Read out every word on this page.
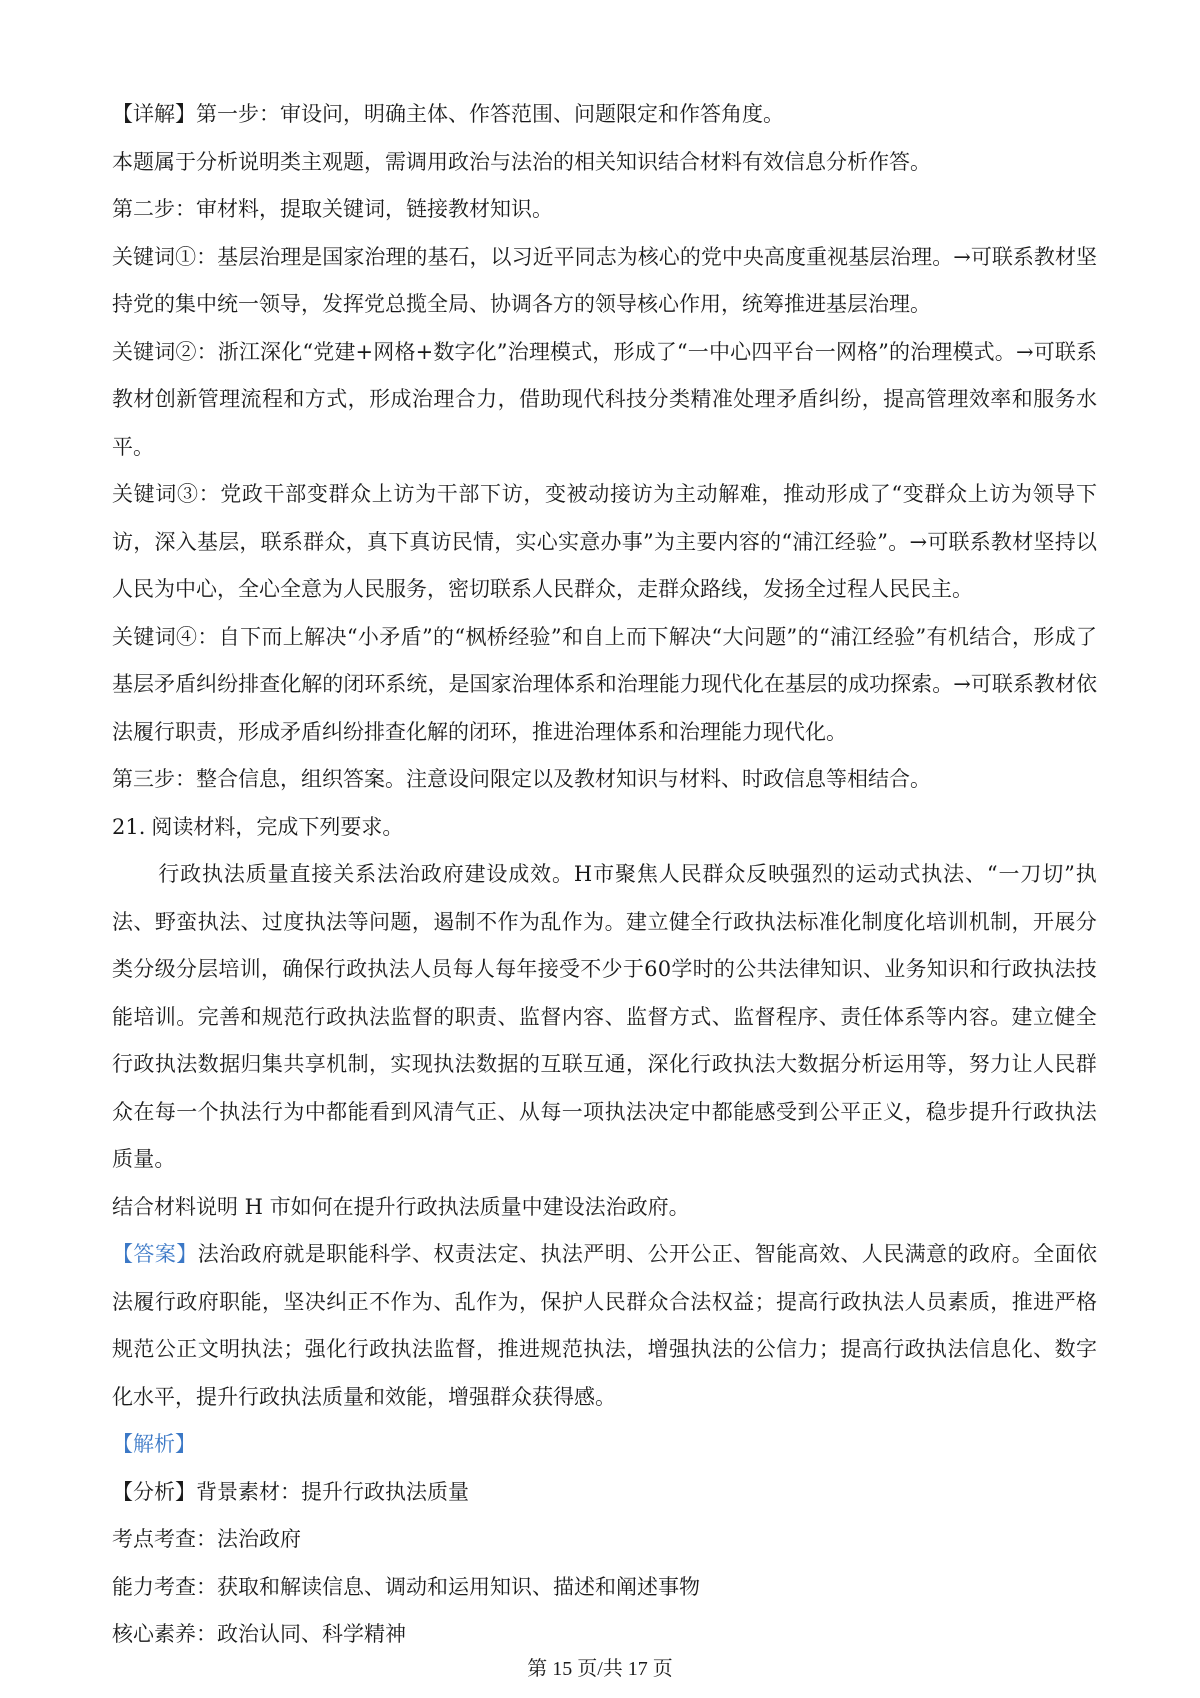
【详解】第一步：审设问，明确主体、作答范围、问题限定和作答角度。

本题属于分析说明类主观题，需调用政治与法治的相关知识结合材料有效信息分析作答。

第二步：审材料，提取关键词，链接教材知识。

关键词①：基层治理是国家治理的基石，以习近平同志为核心的党中央高度重视基层治理。→可联系教材坚持党的集中统一领导，发挥党总揽全局、协调各方的领导核心作用，统筹推进基层治理。

关键词②：浙江深化“党建+网格+数字化”治理模式，形成了“一中心四平台一网格”的治理模式。→可联系教材创新管理流程和方式，形成治理合力，借助现代科技分类精准处理矛盾纠纷，提高管理效率和服务水平。

关键词③：党政干部变群众上访为干部下访，变被动接访为主动解难，推动形成了“变群众上访为领导下访，深入基层，联系群众，真下真访民情，实心实意办事”为主要内容的“浦江经验”。→可联系教材坚持以人民为中心，全心全意为人民服务，密切联系人民群众，走群众路线，发扬全过程人民民主。

关键词④：自下而上解决“小矛盾”的“枫桥经验”和自上而下解决“大问题”的“浦江经验”有机结合，形成了基层矛盾纠纷排查化解的闭环系统，是国家治理体系和治理能力现代化在基层的成功探索。→可联系教材依法履行职责，形成矛盾纠纷排查化解的闭环，推进治理体系和治理能力现代化。

第三步：整合信息，组织答案。注意设问限定以及教材知识与材料、时政信息等相结合。

21. 阅读材料，完成下列要求。

行政执法质量直接关系法治政府建设成效。H市聚焦人民群众反映强烈的运动式执法、“一刀切”执法、野蛮执法、过度执法等问题，遏制不作为乱作为。建立健全行政执法标准化制度化培训机制，开展分类分级分层培训，确保行政执法人员每人每年接受不少于60学时的公共法律知识、业务知识和行政执法技能培训。完善和规范行政执法监督的职责、监督内容、监督方式、监督程序、责任体系等内容。建立健全行政执法数据归集共享机制，实现执法数据的互联互通，深化行政执法大数据分析运用等，努力让人民群众在每一个执法行为中都能看到风清气正、从每一项执法决定中都能感受到公平正义，稳步提升行政执法质量。

结合材料说明 H 市如何在提升行政执法质量中建设法治政府。

【答案】法治政府就是职能科学、权责法定、执法严明、公开公正、智能高效、人民满意的政府。全面依法履行政府职能，坚决纠正不作为、乱作为，保护人民群众合法权益；提高行政执法人员素质，推进严格规范公正文明执法；强化行政执法监督，推进规范执法，增强执法的公信力；提高行政执法信息化、数字化水平，提升行政执法质量和效能，增强群众获得感。

【解析】

【分析】背景素材：提升行政执法质量

考点考查：法治政府

能力考查：获取和解读信息、调动和运用知识、描述和阐述事物

核心素养：政治认同、科学精神

第 15 页/共 17 页
